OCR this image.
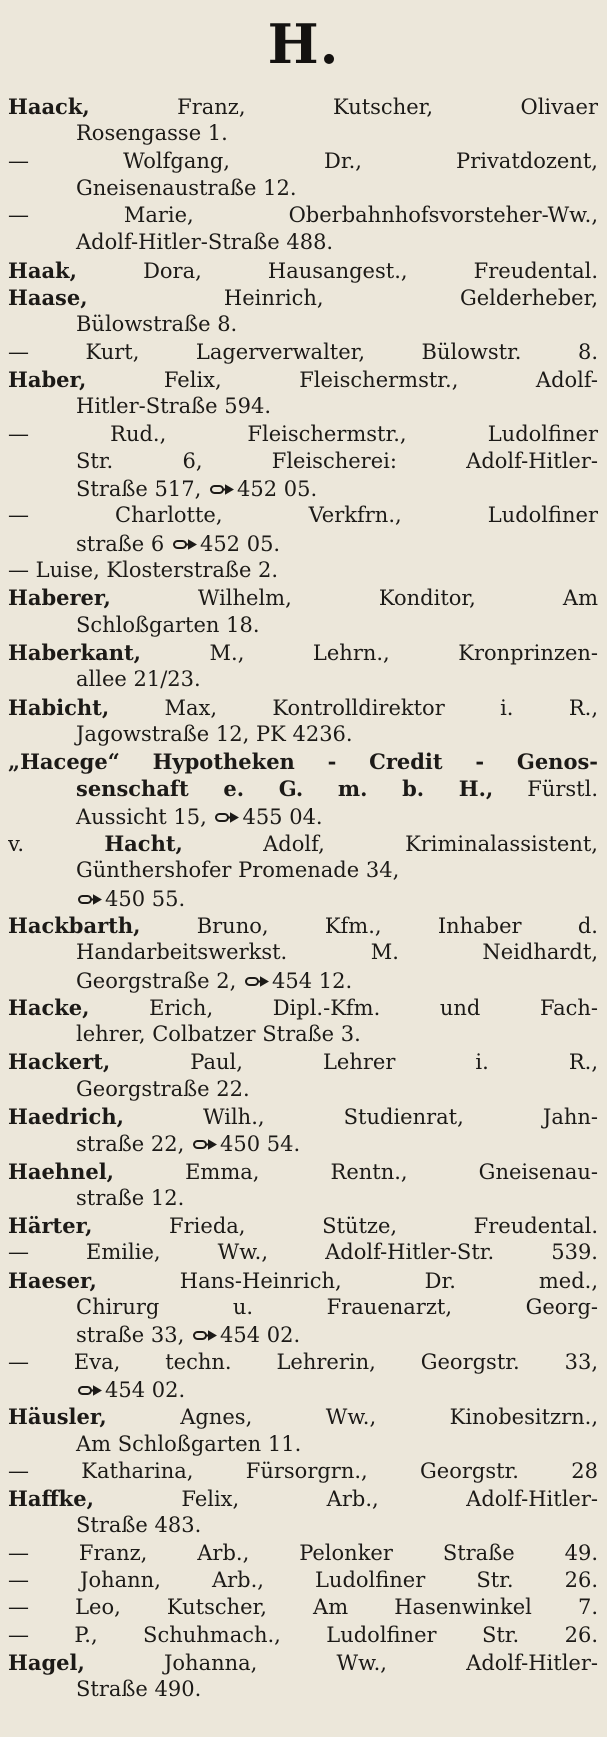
H.
Haack, Franz, Kutscher, Olivaer
Rosengasse 1.
— Wolfgang, Dr., Privatdozent,
Gneisenaustraße 12.
— Marie, Oberbahnhofsvorsteher-Ww.,
Adolf-Hitler-Straße 488.
Haak, Dora, Hausangest., Freudental.
Haase, Heinrich, Gelderheber,
Bülowstraße 8.
— Kurt, Lagerverwalter, Bülowstr. 8.
Haber, Felix, Fleischermstr., Adolf-
Hitler-Straße 594.
— Rud., Fleischermstr., Ludolfiner
Str. 6, Fleischerei: Adolf-Hitler-
Straße 517, 452 05.
— Charlotte, Verkfrn., Ludolfiner
straße 6 452 05.
— Luise, Klosterstraße 2.
Haberer, Wilhelm, Konditor, Am
Schloßgarten 18.
Haberkant, M., Lehrn., Kronprinzen-
allee 21/23.
Habicht, Max, Kontrolldirektor i. R.,
Jagowstraße 12, PK 4236.
„Hacege“ Hypotheken - Credit - Genos-
senschaft e. G. m. b. H., Fürstl.
Aussicht 15, 455 04.
v. Hacht, Adolf, Kriminalassistent,
Günthershofer Promenade 34,
450 55.
Hackbarth, Bruno, Kfm., Inhaber d.
Handarbeitswerkst. M. Neidhardt,
Georgstraße 2, 454 12.
Hacke, Erich, Dipl.-Kfm. und Fach-
lehrer, Colbatzer Straße 3.
Hackert, Paul, Lehrer i. R.,
Georgstraße 22.
Haedrich, Wilh., Studienrat, Jahn-
straße 22, 450 54.
Haehnel, Emma, Rentn., Gneisenau-
straße 12.
Härter, Frieda, Stütze, Freudental.
— Emilie, Ww., Adolf-Hitler-Str. 539.
Haeser, Hans-Heinrich, Dr. med.,
Chirurg u. Frauenarzt, Georg-
straße 33, 454 02.
— Eva, techn. Lehrerin, Georgstr. 33,
454 02.
Häusler, Agnes, Ww., Kinobesitzrn.,
Am Schloßgarten 11.
— Katharina, Fürsorgrn., Georgstr. 28
Haffke, Felix, Arb., Adolf-Hitler-
Straße 483.
— Franz, Arb., Pelonker Straße 49.
— Johann, Arb., Ludolfiner Str. 26.
— Leo, Kutscher, Am Hasenwinkel 7.
— P., Schuhmach., Ludolfiner Str. 26.
Hagel, Johanna, Ww., Adolf-Hitler-
Straße 490.
